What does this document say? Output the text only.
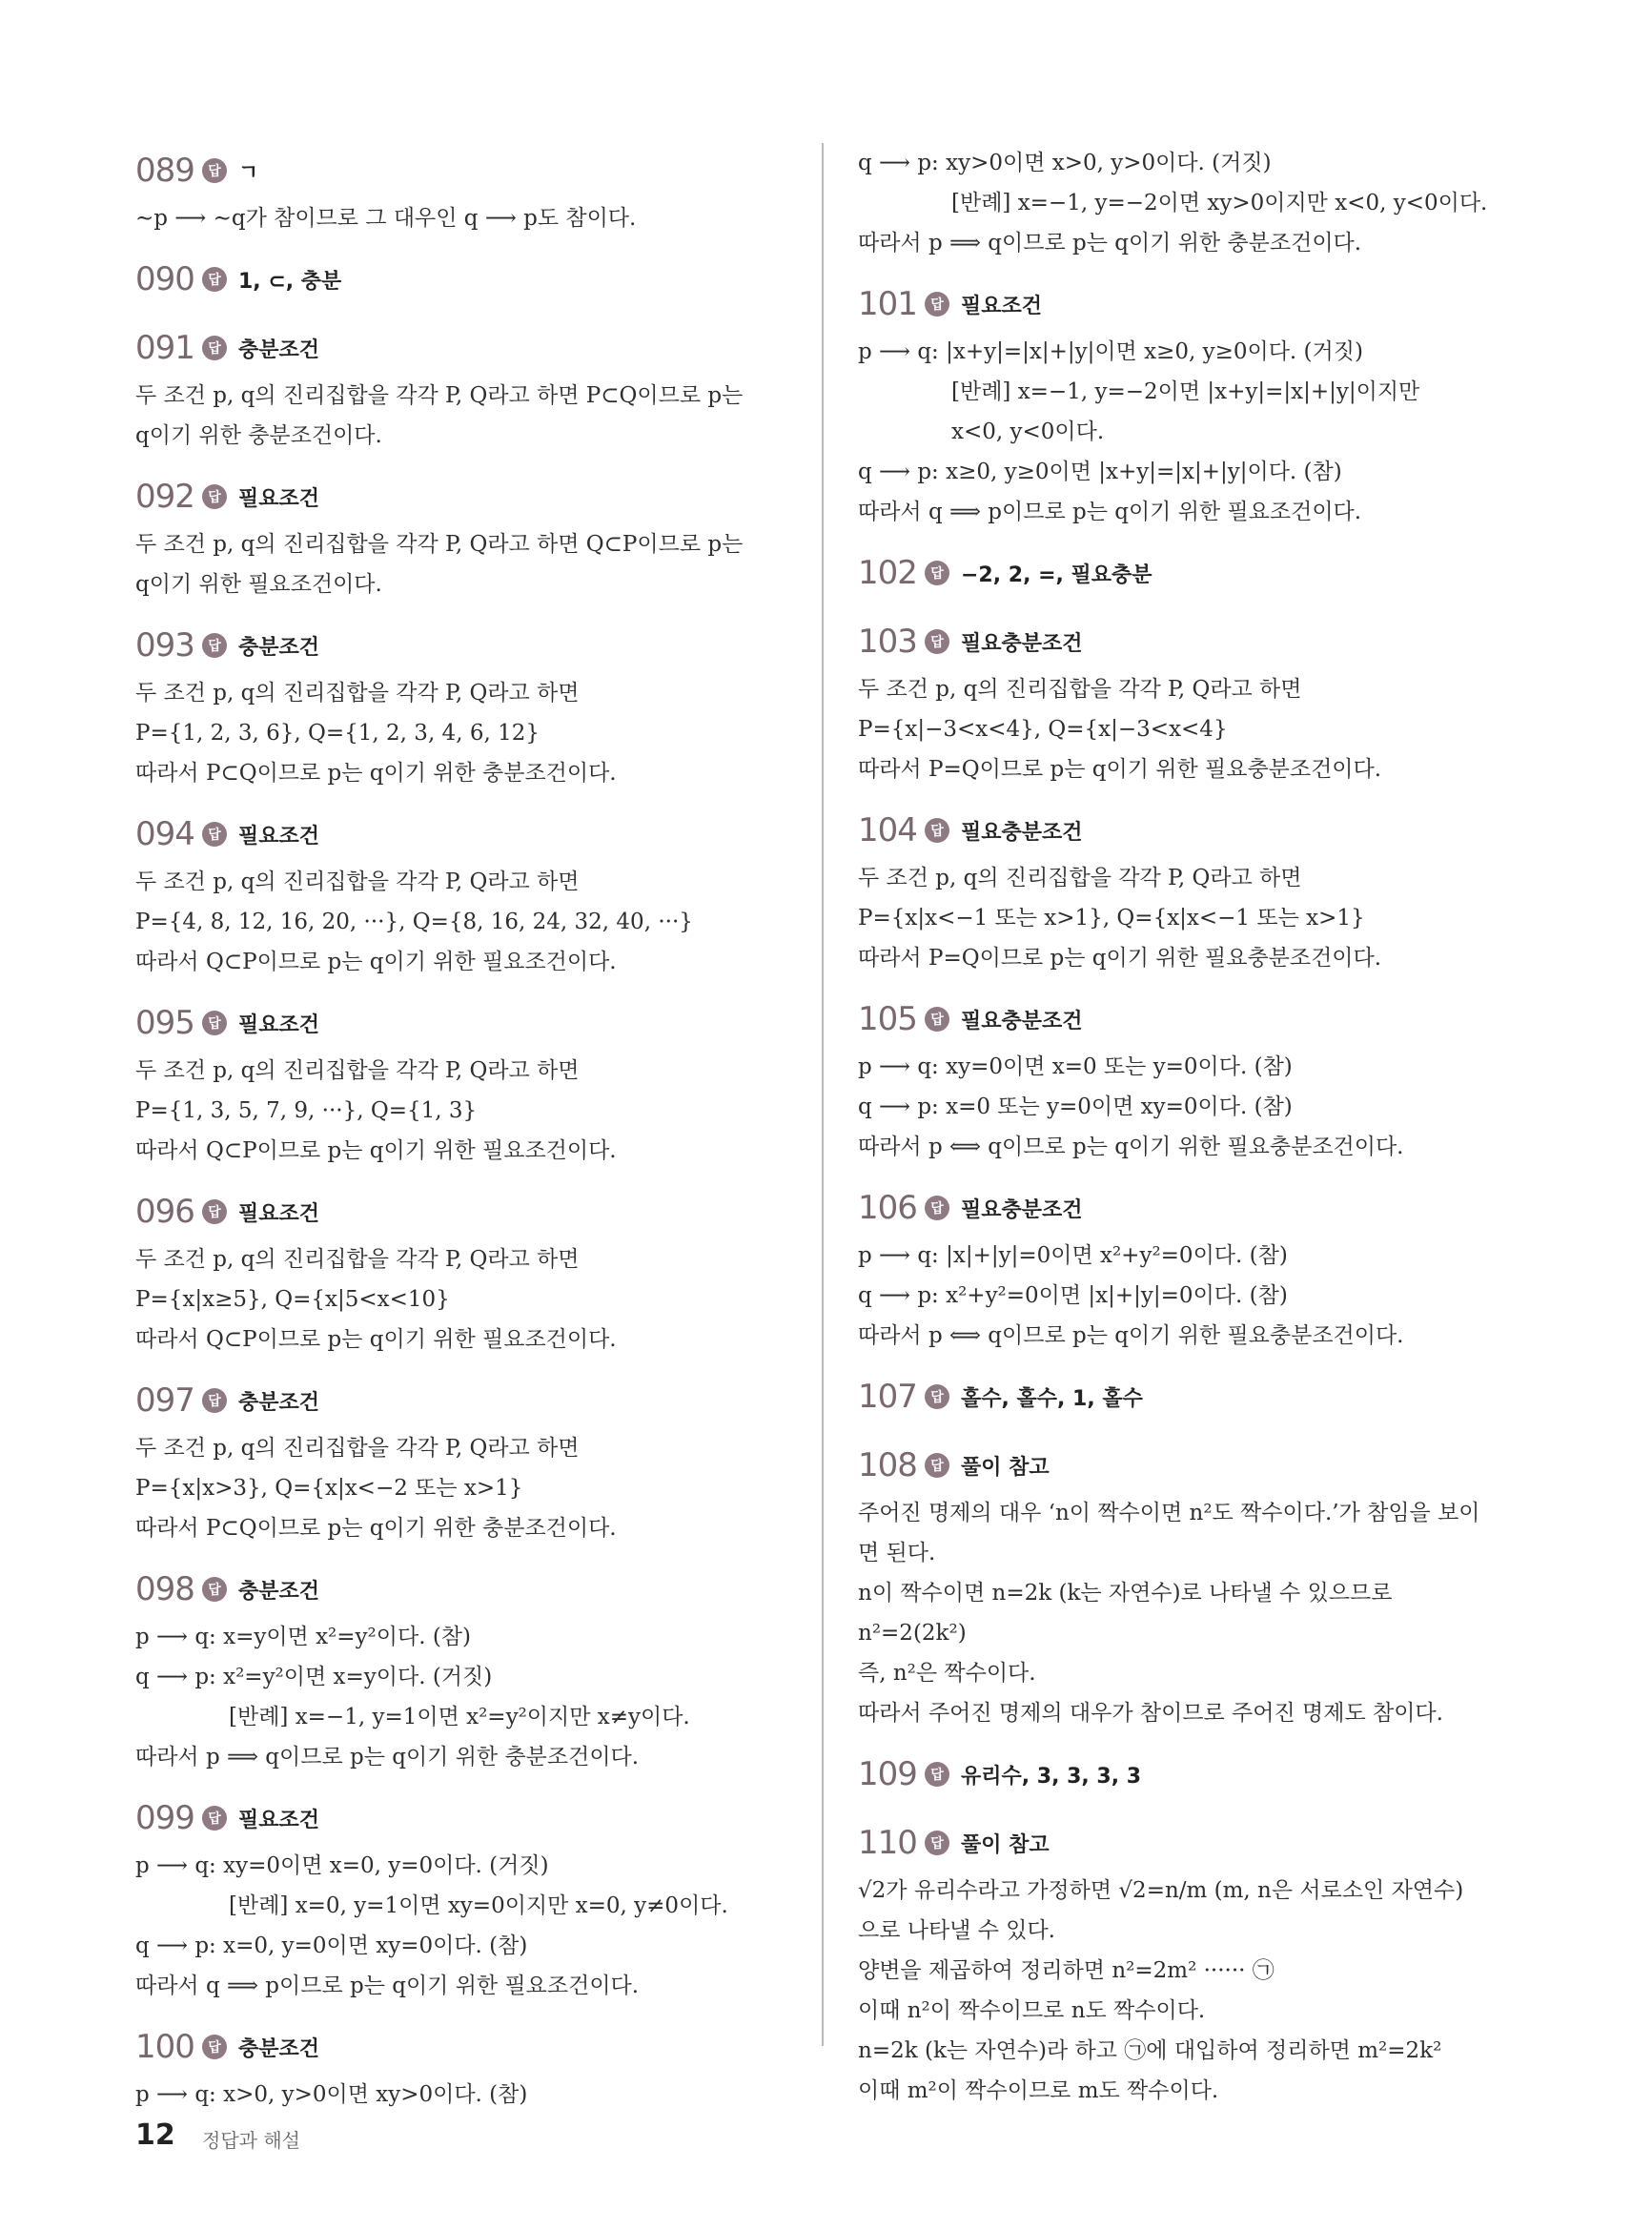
089	답 ㄱ
∼p ⟶ ∼q가 참이므로 그 대우인 q ⟶ p도 참이다.
090	답 1, ⊂, 충분
091	답 충분조건
두 조건 p, q의 진리집합을 각각 P, Q라고 하면 P⊂Q이므로 p는
q이기 위한 충분조건이다.
092	답 필요조건
두 조건 p, q의 진리집합을 각각 P, Q라고 하면 Q⊂P이므로 p는
q이기 위한 필요조건이다.
093	답 충분조건
두 조건 p, q의 진리집합을 각각 P, Q라고 하면
P={1, 2, 3, 6}, Q={1, 2, 3, 4, 6, 12}
따라서 P⊂Q이므로 p는 q이기 위한 충분조건이다.
094	답 필요조건
두 조건 p, q의 진리집합을 각각 P, Q라고 하면
P={4, 8, 12, 16, 20, ···}, Q={8, 16, 24, 32, 40, ···}
따라서 Q⊂P이므로 p는 q이기 위한 필요조건이다.
095	답 필요조건
두 조건 p, q의 진리집합을 각각 P, Q라고 하면
P={1, 3, 5, 7, 9, ···}, Q={1, 3}
따라서 Q⊂P이므로 p는 q이기 위한 필요조건이다.
096	답 필요조건
두 조건 p, q의 진리집합을 각각 P, Q라고 하면
P={x|x≥5}, Q={x|5<x<10}
따라서 Q⊂P이므로 p는 q이기 위한 필요조건이다.
097	답 충분조건
두 조건 p, q의 진리집합을 각각 P, Q라고 하면
P={x|x>3}, Q={x|x<−2 또는 x>1}
따라서 P⊂Q이므로 p는 q이기 위한 충분조건이다.
098	답 충분조건
p ⟶ q: x=y이면 x²=y²이다. (참)
q ⟶ p: x²=y²이면 x=y이다. (거짓)
[반례] x=−1, y=1이면 x²=y²이지만 x≠y이다.
따라서 p ⟹ q이므로 p는 q이기 위한 충분조건이다.
099	답 필요조건
p ⟶ q: xy=0이면 x=0, y=0이다. (거짓)
[반례] x=0, y=1이면 xy=0이지만 x=0, y≠0이다.
q ⟶ p: x=0, y=0이면 xy=0이다. (참)
따라서 q ⟹ p이므로 p는 q이기 위한 필요조건이다.
100	답 충분조건
p ⟶ q: x>0, y>0이면 xy>0이다. (참)
q ⟶ p: xy>0이면 x>0, y>0이다. (거짓)
[반례] x=−1, y=−2이면 xy>0이지만 x<0, y<0이다.
따라서 p ⟹ q이므로 p는 q이기 위한 충분조건이다.
101	답 필요조건
p ⟶ q: |x+y|=|x|+|y|이면 x≥0, y≥0이다. (거짓)
[반례] x=−1, y=−2이면 |x+y|=|x|+|y|이지만
x<0, y<0이다.
q ⟶ p: x≥0, y≥0이면 |x+y|=|x|+|y|이다. (참)
따라서 q ⟹ p이므로 p는 q이기 위한 필요조건이다.
102	답 −2, 2, =, 필요충분
103	답 필요충분조건
두 조건 p, q의 진리집합을 각각 P, Q라고 하면
P={x|−3<x<4}, Q={x|−3<x<4}
따라서 P=Q이므로 p는 q이기 위한 필요충분조건이다.
104	답 필요충분조건
두 조건 p, q의 진리집합을 각각 P, Q라고 하면
P={x|x<−1 또는 x>1}, Q={x|x<−1 또는 x>1}
따라서 P=Q이므로 p는 q이기 위한 필요충분조건이다.
105	답 필요충분조건
p ⟶ q: xy=0이면 x=0 또는 y=0이다. (참)
q ⟶ p: x=0 또는 y=0이면 xy=0이다. (참)
따라서 p ⟺ q이므로 p는 q이기 위한 필요충분조건이다.
106	답 필요충분조건
p ⟶ q: |x|+|y|=0이면 x²+y²=0이다. (참)
q ⟶ p: x²+y²=0이면 |x|+|y|=0이다. (참)
따라서 p ⟺ q이므로 p는 q이기 위한 필요충분조건이다.
107	답 홀수, 홀수, 1, 홀수
108	답 풀이 참고
주어진 명제의 대우 ‘n이 짝수이면 n²도 짝수이다.’가 참임을 보이
면 된다.
n이 짝수이면 n=2k (k는 자연수)로 나타낼 수 있으므로
n²=2(2k²)
즉, n²은 짝수이다.
따라서 주어진 명제의 대우가 참이므로 주어진 명제도 참이다.
109	답 유리수, 3, 3, 3, 3
110	답 풀이 참고
√2가 유리수라고 가정하면 √2=n/m (m, n은 서로소인 자연수)
으로 나타낼 수 있다.
양변을 제곱하여 정리하면 n²=2m² ······ ㉠
이때 n²이 짝수이므로 n도 짝수이다.
n=2k (k는 자연수)라 하고 ㉠에 대입하여 정리하면 m²=2k²
이때 m²이 짝수이므로 m도 짝수이다.
12 정답과 해설
